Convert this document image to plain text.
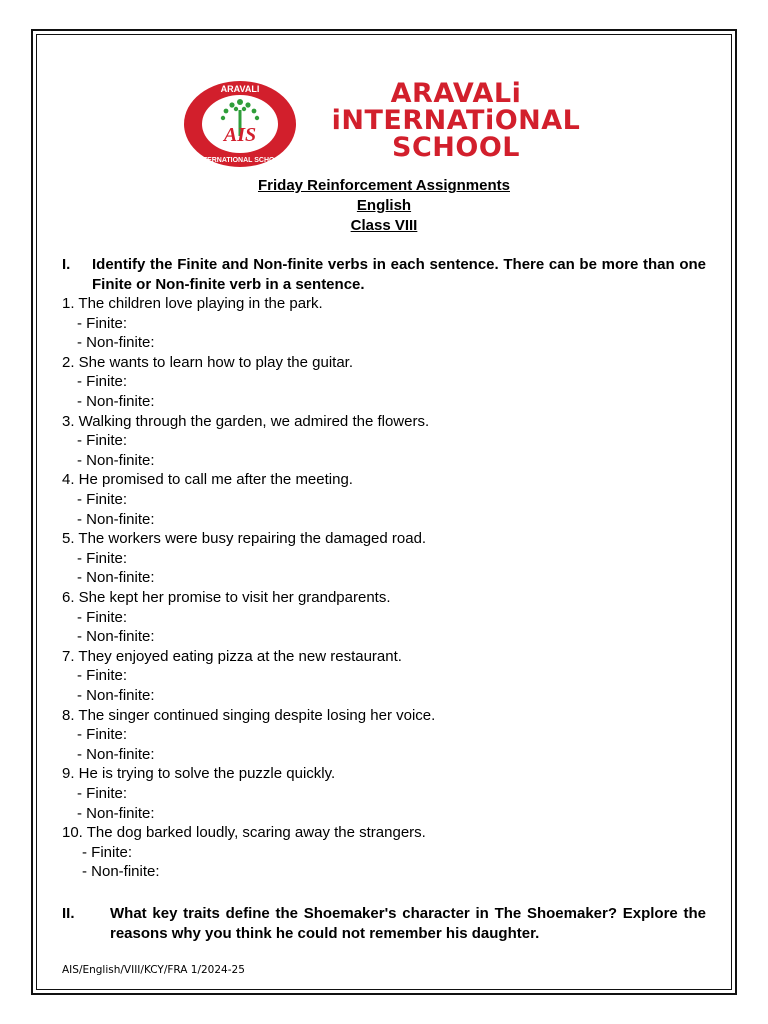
AIS
ARAVALI
INTERNATIONAL SCHOOL
ARAVALi
iNTERNATiONAL
SCHOOL
Friday Reinforcement Assignments
English
Class VIII
I. Identify the Finite and Non-finite verbs in each sentence. There can be more than one Finite or Non-finite verb in a sentence.
1. The children love playing in the park.
- Finite:
- Non-finite:
2. She wants to learn how to play the guitar.
- Finite:
- Non-finite:
3. Walking through the garden, we admired the flowers.
- Finite:
- Non-finite:
4. He promised to call me after the meeting.
- Finite:
- Non-finite:
5. The workers were busy repairing the damaged road.
- Finite:
- Non-finite:
6. She kept her promise to visit her grandparents.
- Finite:
- Non-finite:
7. They enjoyed eating pizza at the new restaurant.
- Finite:
- Non-finite:
8. The singer continued singing despite losing her voice.
- Finite:
- Non-finite:
9. He is trying to solve the puzzle quickly.
- Finite:
- Non-finite:
10. The dog barked loudly, scaring away the strangers.
- Finite:
- Non-finite:
II. What key traits define the Shoemaker's character in The Shoemaker? Explore the reasons why you think he could not remember his daughter.
AIS/English/VIII/KCY/FRA 1/2024-25
